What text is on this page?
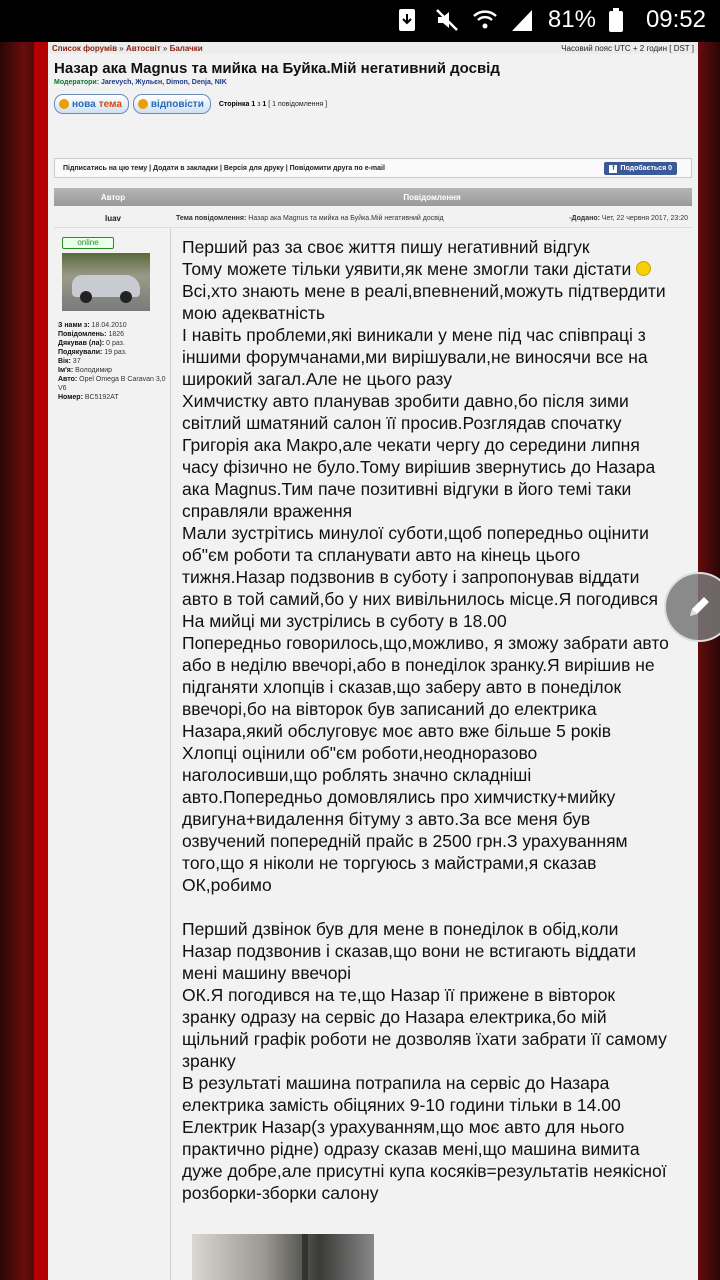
81% 09:52
Список форумів » Автосвіт » Балачки	Часовий пояс UTC + 2 годин [ DST ]
Назар ака Magnus та мийка на Буйка.Мій негативний досвід
Модератори: Jarevych, Жульєн, Dimon, Denja, NIK
нова тема	відповісти Сторінка 1 з 1 [ 1 повідомлення ]
Підписатись на цю тему | Додати в закладки | Версія для друку | Повідомити друга по e-mail	f Подобається 0
Автор	Повідомлення
luav	Тема повідомлення: Назар ака Magnus та мийка на Буйка.Мій негативний досвід	▫Додано: Чет, 22 червня 2017, 23:20
online
З нами з: 18.04.2010
Повідомлень: 1826
Дякував (ла): 0 раз.
Подякували: 19 раз.
Вік: 37
Ім'я: Володимир
Авто: Opel Omega B Caravan 3,0 V6
Номер: BC5192AT

Перший раз за своє життя пишу негативний відгук
Тому можете тільки уявити,як мене змогли таки дістати

Всі,хто знають мене в реалі,впевнений,можуть підтвердити
мою адекватність
І навіть проблеми,які виникали у мене під час співпраці з
іншими форумчанами,ми вирішували,не виносячи все на
широкий загал.Але не цього разу
Химчистку авто планував зробити давно,бо після зими
світлий шматяний салон її просив.Розглядав спочатку
Григорія ака Макро,але чекати чергу до середини липня
часу фізично не було.Тому вирішив звернутись до Назара
ака Magnus.Тим паче позитивні відгуки в його темі таки
справляли враження
Мали зустрітись минулої суботи,щоб попередньо оцінити
об"єм роботи та спланувати авто на кінець цього
тижня.Назар подзвонив в суботу і запропонував віддати
авто в той самий,бо у них вивільнилось місце.Я погодився
На мийці ми зустрілись в суботу в 18.00
Попередньо говорилось,що,можливо, я зможу забрати авто
або в неділю ввечорі,або в понеділок зранку.Я вирішив не
підганяти хлопців і сказав,що заберу авто в понеділок
ввечорі,бо на вівторок був записаний до електрика
Назара,який обслуговує моє авто вже більше 5 років
Хлопці оцінили об"єм роботи,неодноразово
наголосивши,що роблять значно складніші
авто.Попередньо домовлялись про химчистку+мийку
двигуна+видалення бітуму з авто.За все меня був
озвучений попередній прайс в 2500 грн.З урахуванням
того,що я ніколи не торгуюсь з майстрами,я сказав
ОК,робимо

Перший дзвінок був для мене в понеділок в обід,коли
Назар подзвонив і сказав,що вони не встигають віддати
мені машину ввечорі
ОК.Я погодився на те,що Назар її прижене в вівторок
зранку одразу на сервіс до Назара електрика,бо мій
щільний графік роботи не дозволяв їхати забрати її самому
зранку
В результаті машина потрапила на сервіс до Назара
електрика замість обіцяних 9-10 години тільки в 14.00
Електрик Назар(з урахуванням,що моє авто для нього
практично рідне) одразу сказав мені,що машина вимита
дуже добре,але присутні купа косяків=результатів неякісної
розборки-зборки салону
